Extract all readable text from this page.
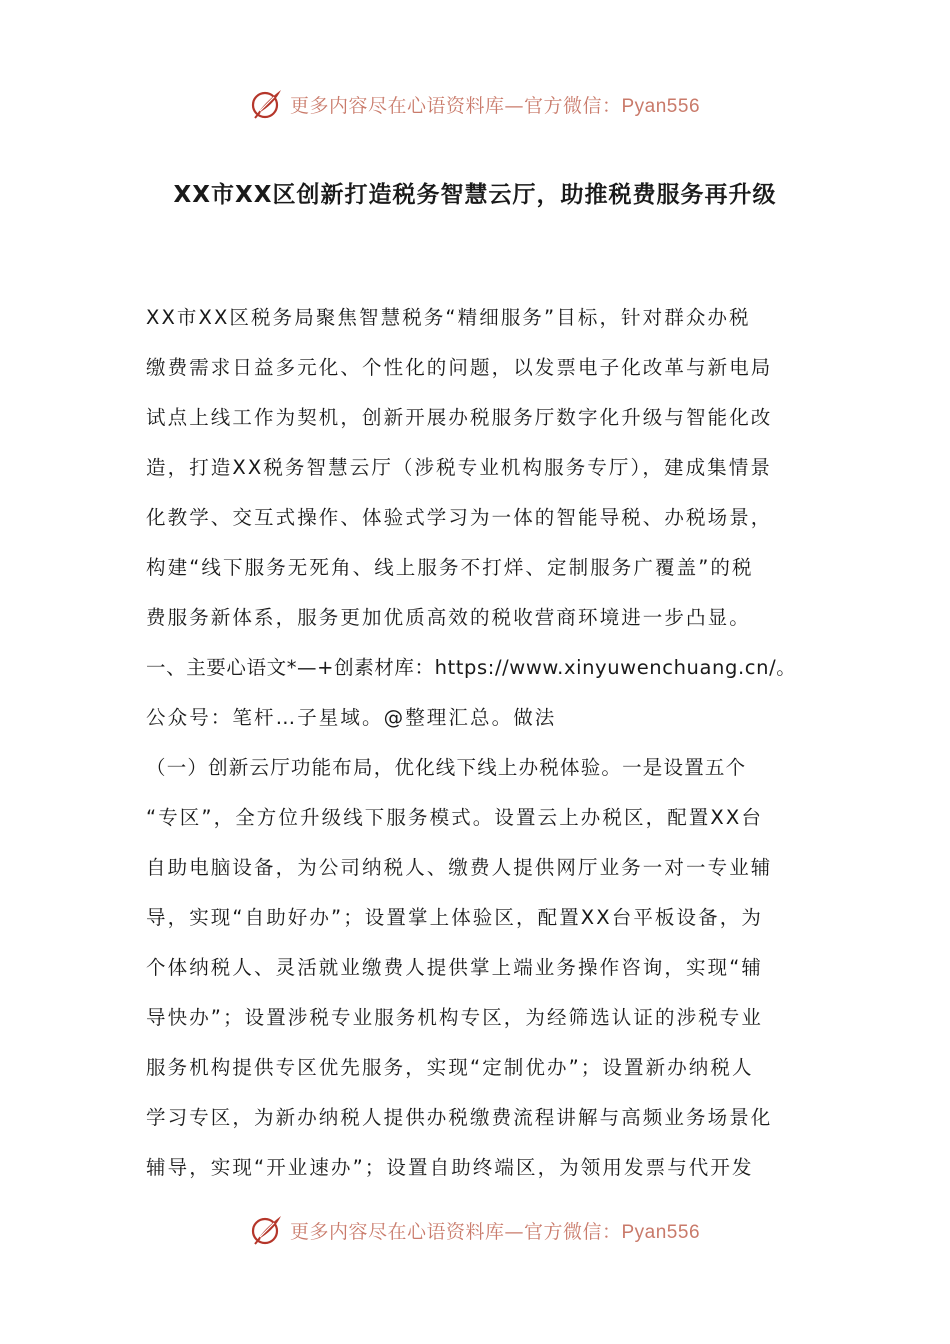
更多内容尽在心语资料库—官方微信：Pyan556
XX市XX区创新打造税务智慧云厅，助推税费服务再升级
XX市XX区税务局聚焦智慧税务“精细服务”目标，针对群众办税
缴费需求日益多元化、个性化的问题，以发票电子化改革与新电局
试点上线工作为契机，创新开展办税服务厅数字化升级与智能化改
造，打造XX税务智慧云厅（涉税专业机构服务专厅），建成集情景
化教学、交互式操作、体验式学习为一体的智能导税、办税场景，
构建“线下服务无死角、线上服务不打烊、定制服务广覆盖”的税
费服务新体系，服务更加优质高效的税收营商环境进一步凸显。
一、主要心语文*—+创素材库：https://www.xinyuwenchuang.cn/。
公众号：笔杆…子星域。@整理汇总。做法
（一）创新云厅功能布局，优化线下线上办税体验。一是设置五个
“专区”，全方位升级线下服务模式。设置云上办税区，配置XX台
自助电脑设备，为公司纳税人、缴费人提供网厅业务一对一专业辅
导，实现“自助好办”；设置掌上体验区，配置XX台平板设备，为
个体纳税人、灵活就业缴费人提供掌上端业务操作咨询，实现“辅
导快办”；设置涉税专业服务机构专区，为经筛选认证的涉税专业
服务机构提供专区优先服务，实现“定制优办”；设置新办纳税人
学习专区，为新办纳税人提供办税缴费流程讲解与高频业务场景化
辅导，实现“开业速办”；设置自助终端区，为领用发票与代开发
更多内容尽在心语资料库—官方微信：Pyan556
